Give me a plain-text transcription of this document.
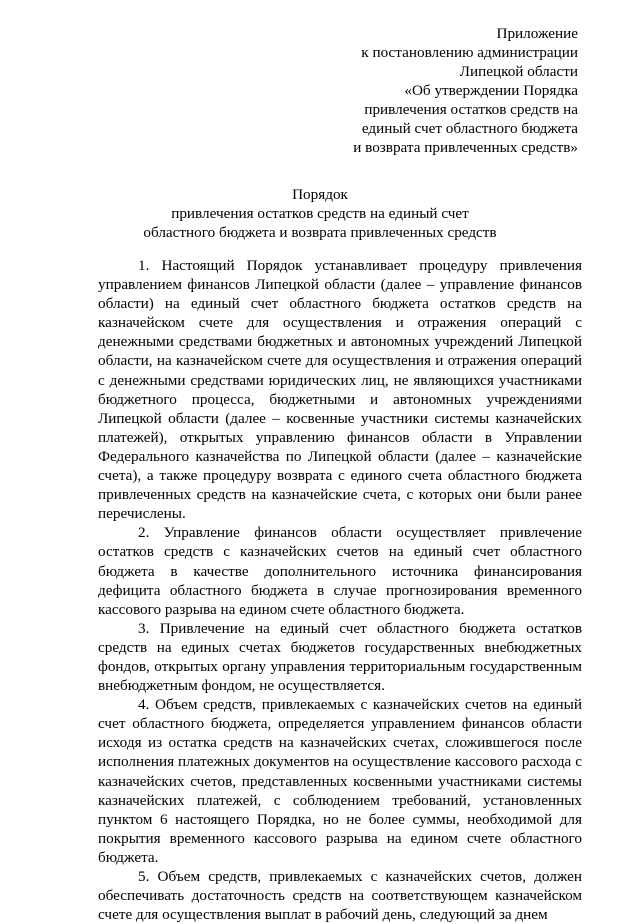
Приложение
к постановлению администрации
Липецкой области
«Об утверждении Порядка
привлечения остатков средств на
единый счет областного бюджета
и возврата привлеченных средств»
Порядок
привлечения остатков средств на единый счет
областного бюджета и возврата привлеченных средств

1. Настоящий Порядок устанавливает процедуру привлечения управлением финансов Липецкой области (далее – управление финансов области) на единый счет областного бюджета остатков средств на казначейском счете для осуществления и отражения операций с денежными средствами бюджетных и автономных учреждений Липецкой области, на казначейском счете для осуществления и отражения операций с денежными средствами юридических лиц, не являющихся участниками бюджетного процесса, бюджетными и автономных учреждениями Липецкой области (далее – косвенные участники системы казначейских платежей), открытых управлению финансов области в Управлении Федерального казначейства по Липецкой области (далее – казначейские счета), а также процедуру возврата с единого счета областного бюджета привлеченных средств на казначейские счета, с которых они были ранее перечислены.

2. Управление финансов области осуществляет привлечение остатков средств с казначейских счетов на единый счет областного бюджета в качестве дополнительного источника финансирования дефицита областного бюджета в случае прогнозирования временного кассового разрыва на едином счете областного бюджета.

3. Привлечение на единый счет областного бюджета остатков средств на единых счетах бюджетов государственных внебюджетных фондов, открытых органу управления территориальным государственным внебюджетным фондом, не осуществляется.

4. Объем средств, привлекаемых с казначейских счетов на единый счет областного бюджета, определяется управлением финансов области исходя из остатка средств на казначейских счетах, сложившегося после исполнения платежных документов на осуществление кассового расхода с казначейских счетов, представленных косвенными участниками системы казначейских платежей, с соблюдением требований, установленных пунктом 6 настоящего Порядка, но не более суммы, необходимой для покрытия временного кассового разрыва на едином счете областного бюджета.

5. Объем средств, привлекаемых с казначейских счетов, должен обеспечивать достаточность средств на соответствующем казначейском счете для осуществления выплат в рабочий день, следующий за днем
